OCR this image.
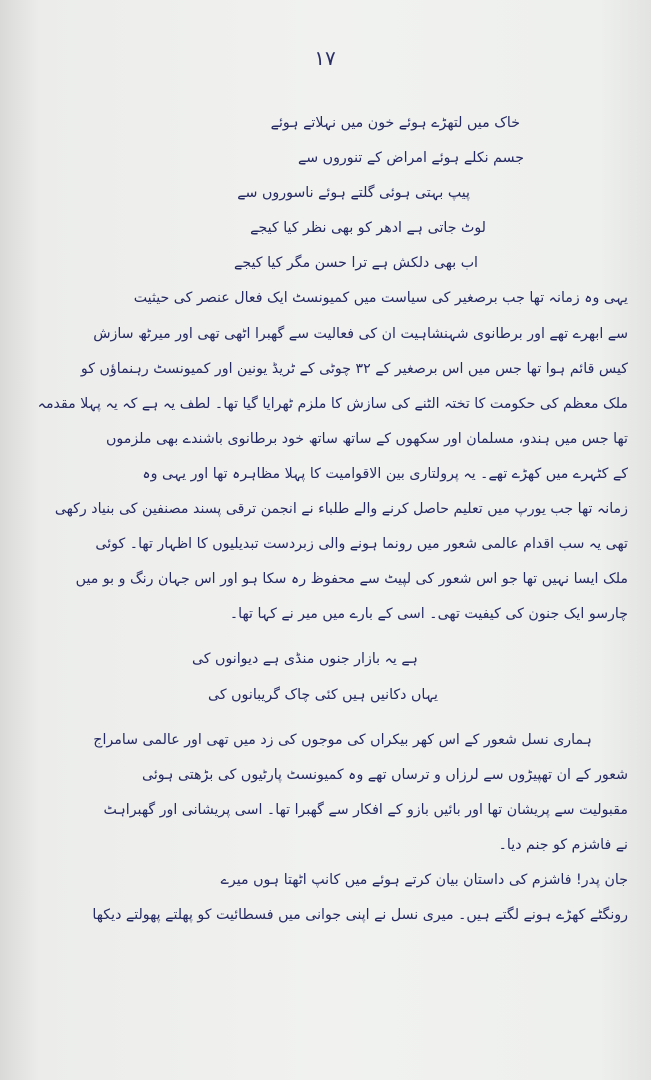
۱۷
خاک میں لتھڑے ہوئے خون میں نہلاتے ہوئے
جسم نکلے ہوئے امراض کے تنوروں سے
پیپ بہتی ہوئی گلتے ہوئے ناسوروں سے
لوٹ جاتی ہے ادھر کو بھی نظر کیا کیجے
اب بھی دلکش ہے ترا حسن مگر کیا کیجے
یہی وہ زمانہ تھا جب برصغیر کی سیاست میں کمیونسٹ ایک فعال عنصر کی حیثیت
سے ابھرے تھے اور برطانوی شہنشاہیت ان کی فعالیت سے گھبرا اٹھی تھی اور میرٹھ سازش
کیس قائم ہوا تھا جس میں اس برصغیر کے ۳۲ چوٹی کے ٹریڈ یونین اور کمیونسٹ رہنماؤں کو
ملک معظم کی حکومت کا تختہ الٹنے کی سازش کا ملزم ٹھرایا گیا تھا۔ لطف یہ ہے کہ یہ پہلا مقدمہ
تھا جس میں ہندو، مسلمان اور سکھوں کے ساتھ ساتھ خود برطانوی باشندے بھی ملزموں
کے کٹہرے میں کھڑے تھے۔ یہ پرولتاری بین الاقوامیت کا پہلا مظاہرہ تھا اور یہی وہ
زمانہ تھا جب یورپ میں تعلیم حاصل کرنے والے طلباء نے انجمن ترقی پسند مصنفین کی بنیاد رکھی
تھی یہ سب اقدام عالمی شعور میں رونما ہونے والی زبردست تبدیلیوں کا اظہار تھا۔ کوئی
ملک ایسا نہیں تھا جو اس شعور کی لپیٹ سے محفوظ رہ سکا ہو اور اس جہان رنگ و بو میں
چارسو ایک جنون کی کیفیت تھی۔ اسی کے بارے میں میر نے کہا تھا۔
ہے یہ بازار جنوں منڈی ہے دیوانوں کی
یہاں دکانیں ہیں کئی چاک گریبانوں کی
ہماری نسل شعور کے اس کھر بیکراں کی موجوں کی زد میں تھی اور عالمی سامراج
شعور کے ان تھپیڑوں سے لرزاں و ترساں تھے وہ کمیونسٹ پارٹیوں کی بڑھتی ہوئی
مقبولیت سے پریشان تھا اور بائیں بازو کے افکار سے گھبرا تھا۔ اسی پریشانی اور گھبراہٹ
نے فاشزم کو جنم دیا۔
جان پدر! فاشزم کی داستان بیان کرتے ہوئے میں کانپ اٹھتا ہوں میرے
رونگٹے کھڑے ہونے لگتے ہیں۔ میری نسل نے اپنی جوانی میں فسطائیت کو پھلتے پھولتے دیکھا
